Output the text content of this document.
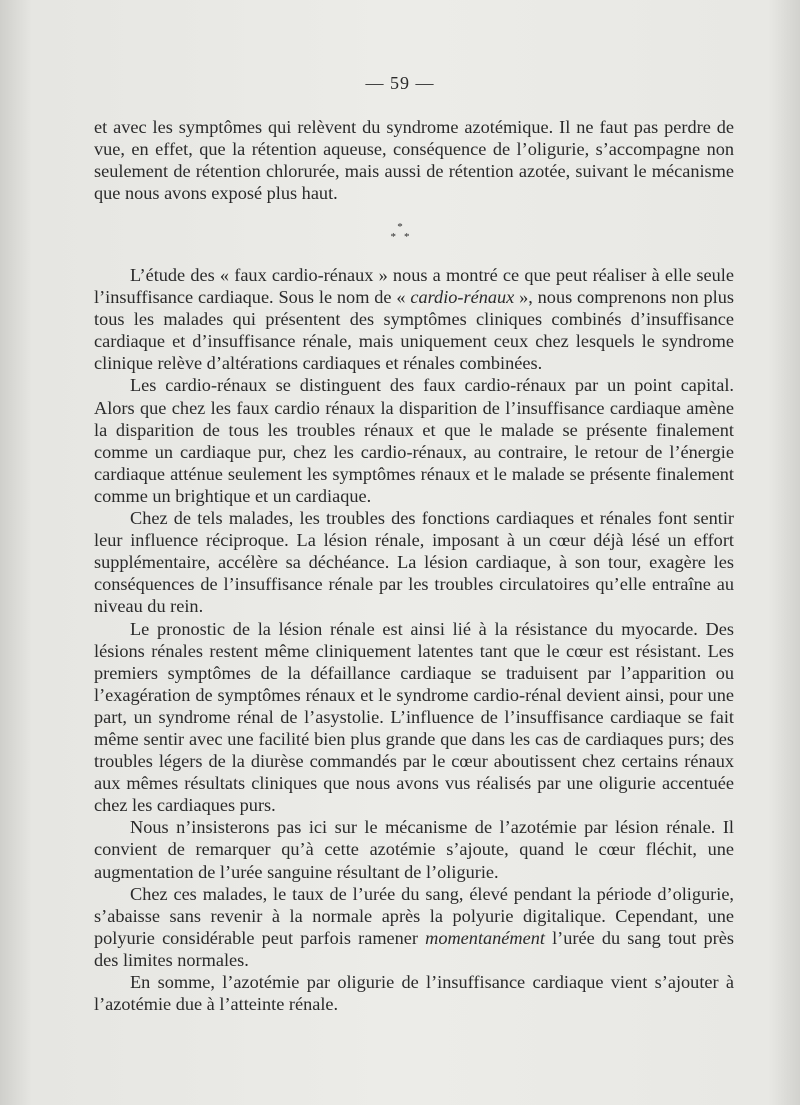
— 59 —

et avec les symptômes qui relèvent du syndrome azotémique. Il ne faut pas perdre de vue, en effet, que la rétention aqueuse, conséquence de l’oligurie, s’accompagne non seulement de rétention chlorurée, mais aussi de rétention azotée, suivant le mécanisme que nous avons exposé plus haut.

*
**

L’étude des « faux cardio-rénaux » nous a montré ce que peut réaliser à elle seule l’insuffisance cardiaque. Sous le nom de « cardio-rénaux », nous comprenons non plus tous les malades qui présentent des symptômes cliniques combinés d’insuffisance cardiaque et d’insuffisance rénale, mais uniquement ceux chez lesquels le syndrome clinique relève d’altérations cardiaques et rénales combinées.

Les cardio-rénaux se distinguent des faux cardio-rénaux par un point capital. Alors que chez les faux cardio rénaux la disparition de l’insuffisance cardiaque amène la disparition de tous les troubles rénaux et que le malade se présente finalement comme un cardiaque pur, chez les cardio-rénaux, au contraire, le retour de l’énergie cardiaque atténue seulement les symptômes rénaux et le malade se présente finalement comme un brightique et un cardiaque.

Chez de tels malades, les troubles des fonctions cardiaques et rénales font sentir leur influence réciproque. La lésion rénale, imposant à un cœur déjà lésé un effort supplémentaire, accélère sa déchéance. La lésion cardiaque, à son tour, exagère les conséquences de l’insuffisance rénale par les troubles circulatoires qu’elle entraîne au niveau du rein.

Le pronostic de la lésion rénale est ainsi lié à la résistance du myocarde. Des lésions rénales restent même cliniquement latentes tant que le cœur est résistant. Les premiers symptômes de la défaillance cardiaque se traduisent par l’apparition ou l’exagération de symptômes rénaux et le syndrome cardio-rénal devient ainsi, pour une part, un syndrome rénal de l’asystolie. L’influence de l’insuffisance cardiaque se fait même sentir avec une facilité bien plus grande que dans les cas de cardiaques purs; des troubles légers de la diurèse commandés par le cœur aboutissent chez certains rénaux aux mêmes résultats cliniques que nous avons vus réalisés par une oligurie accentuée chez les cardiaques purs.

Nous n’insisterons pas ici sur le mécanisme de l’azotémie par lésion rénale. Il convient de remarquer qu’à cette azotémie s’ajoute, quand le cœur fléchit, une augmentation de l’urée sanguine résultant de l’oligurie.

Chez ces malades, le taux de l’urée du sang, élevé pendant la période d’oligurie, s’abaisse sans revenir à la normale après la polyurie digitalique. Cependant, une polyurie considérable peut parfois ramener momentanément l’urée du sang tout près des limites normales.

En somme, l’azotémie par oligurie de l’insuffisance cardiaque vient s’ajouter à l’azotémie due à l’atteinte rénale.
